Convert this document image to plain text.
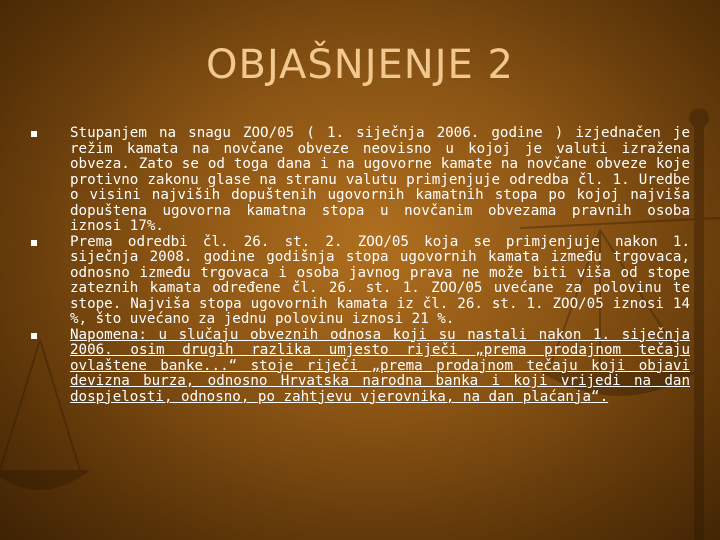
OBJAŠNJENJE 2
Stupanjem na snagu ZOO/05 ( 1. siječnja 2006. godine ) izjednačen je režim kamata na novčane obveze neovisno u kojoj je valuti izražena obveza. Zato se od toga dana i na ugovorne kamate na novčane obveze koje protivno zakonu glase na stranu valutu primjenjuje odredba čl. 1. Uredbe o visini najviših dopuštenih ugovornih kamatnih stopa po kojoj najviša dopuštena ugovorna kamatna stopa u novčanim obvezama pravnih osoba iznosi 17%.
Prema odredbi čl. 26. st. 2. ZOO/05 koja se primjenjuje nakon 1. siječnja 2008. godine godišnja stopa ugovornih kamata između trgovaca, odnosno između trgovaca i osoba javnog prava ne može biti viša od stope zateznih kamata određene čl. 26. st. 1. ZOO/05 uvećane za polovinu te stope. Najviša stopa ugovornih kamata iz čl. 26. st. 1. ZOO/05 iznosi 14 %, što uvećano za jednu polovinu iznosi 21 %.
Napomena: u slučaju obveznih odnosa koji su nastali nakon 1. siječnja 2006. osim drugih razlika umjesto riječi „prema prodajnom tečaju ovlaštene banke...“ stoje riječi „prema prodajnom tečaju koji objavi devizna burza, odnosno Hrvatska narodna banka i koji vrijedi na dan dospjelosti, odnosno, po zahtjevu vjerovnika, na dan plaćanja“.
